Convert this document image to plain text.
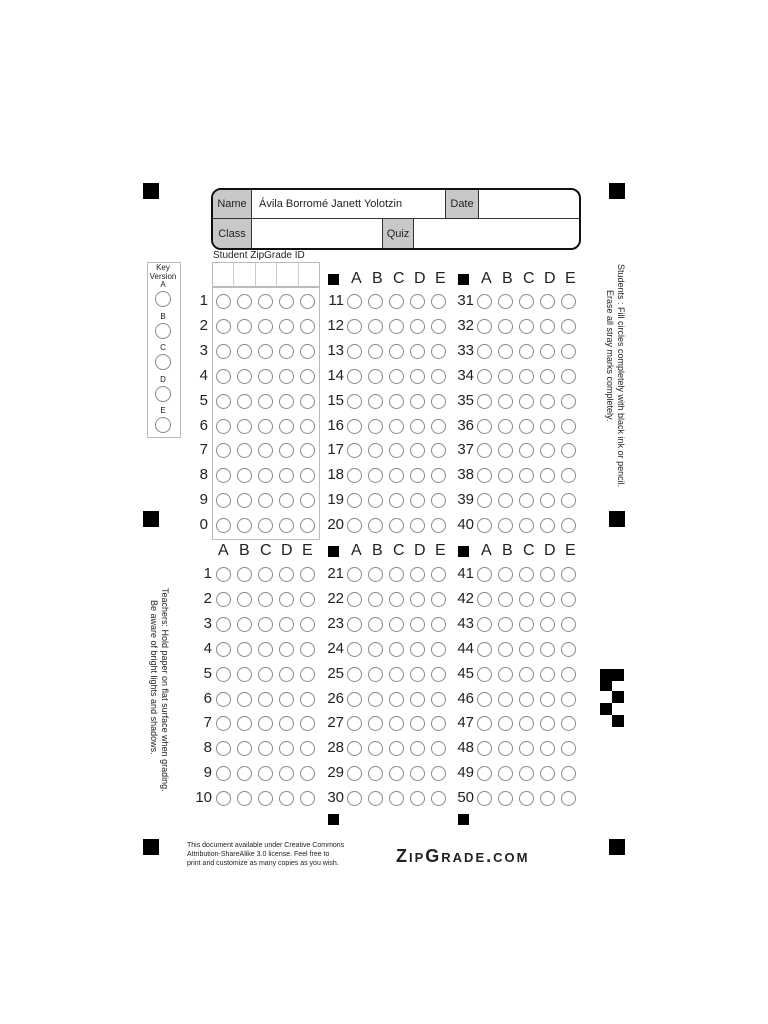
Name	Ávila Borromé Janett Yolotzin	Date
Class	Quiz
Student ZipGrade ID
Key
Version
A
B
C
D
E	Students : Fill circles completely with black ink or pencil.
Erase all stray marks completely.
Teachers: Hold paper on flat surface when grading.
Be aware of bright lights and shadows.
A B C D E A B C D E
1
2
3
4
5
6
7
8
9
0
11
12
13
14
15
16
17
18
19
20
31
32
33
34
35
36
37
38
39
40
A B C D E A B C D E A B C D E
1
2
3
4
5
6
7
8
9
10
21
22
23
24
25
26
27
28
29
30
41
42
43
44
45
46
47
48
49
50
This document available under Creative Commons
Attribution-ShareAlike 3.0 license. Feel free to
print and customize as many copies as you wish.	ZipGrade.com
